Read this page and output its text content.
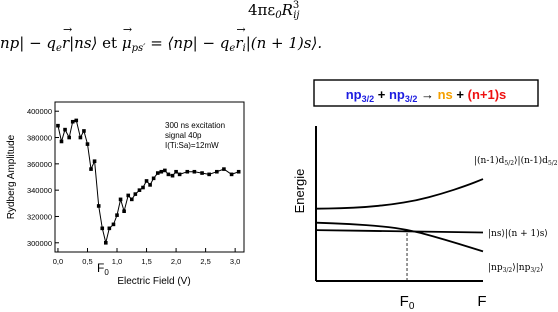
$4\pi\varepsilon_0R^3_{ij}$
$np| - q_e\to$ r|ns⟩ et → $\mu_{ps'}$ = ⟨np| − $q_e\to r_i|(n$ + 1)s⟩.
300000
320000
340000
360000
380000
400000
0,0	0,5	1,0	1,5	2,0	2,5	3,0
300 ns excitation
signal 40p
I(Ti:Sa)=12mW
$F_0$
Electric Field (V)
Rydberg Amplitude
$np_{3/2} + np_{3/2}$ → ns + (n+1)s
Energie
$F_0$	F
$|(n-1)d_{5/2}⟩|(n-1)d_{5/2}$
|ns⟩|(n + 1)s⟩
$|np_{3/2}⟩|np_{3/2}⟩$
